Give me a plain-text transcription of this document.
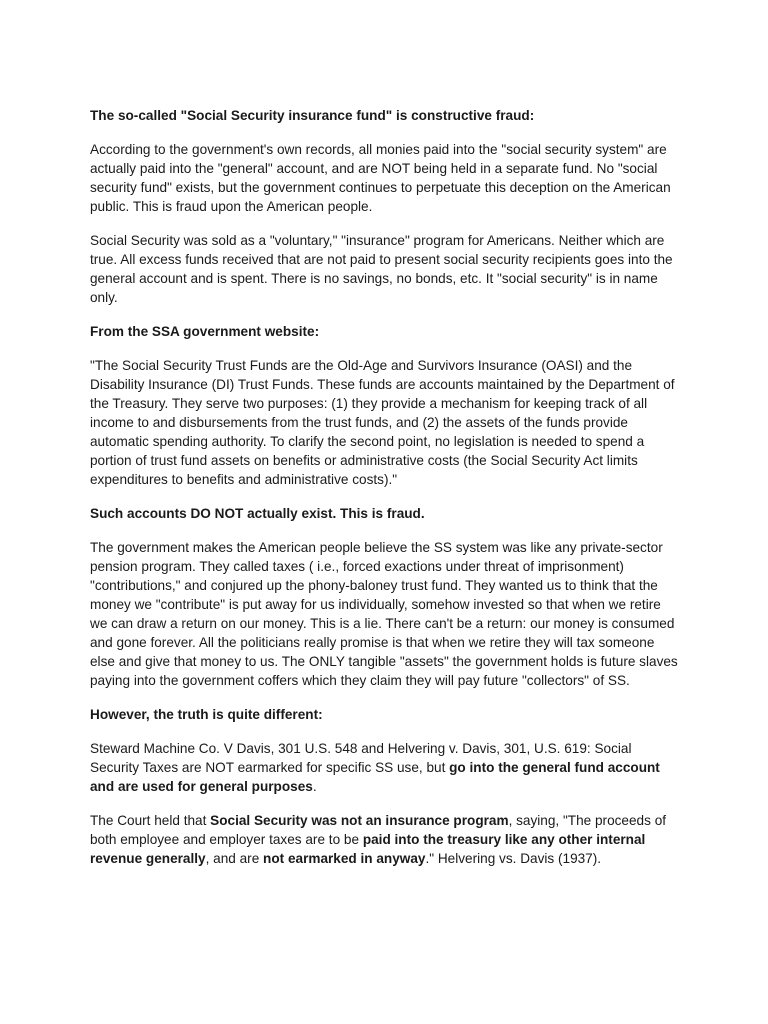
The so-called "Social Security insurance fund" is constructive fraud:

According to the government's own records, all monies paid into the "social security system" are actually paid into the "general" account, and are NOT being held in a separate fund. No "social security fund" exists, but the government continues to perpetuate this deception on the American public. This is fraud upon the American people.

Social Security was sold as a "voluntary," "insurance" program for Americans. Neither which are true. All excess funds received that are not paid to present social security recipients goes into the general account and is spent. There is no savings, no bonds, etc. It "social security" is in name only.

From the SSA government website:

"The Social Security Trust Funds are the Old-Age and Survivors Insurance (OASI) and the Disability Insurance (DI) Trust Funds. These funds are accounts maintained by the Department of the Treasury. They serve two purposes: (1) they provide a mechanism for keeping track of all income to and disbursements from the trust funds, and (2) the assets of the funds provide automatic spending authority. To clarify the second point, no legislation is needed to spend a portion of trust fund assets on benefits or administrative costs (the Social Security Act limits expenditures to benefits and administrative costs)."

Such accounts DO NOT actually exist. This is fraud.

The government makes the American people believe the SS system was like any private-sector pension program. They called taxes ( i.e., forced exactions under threat of imprisonment) "contributions," and conjured up the phony-baloney trust fund. They wanted us to think that the money we "contribute" is put away for us individually, somehow invested so that when we retire we can draw a return on our money. This is a lie. There can't be a return: our money is consumed and gone forever. All the politicians really promise is that when we retire they will tax someone else and give that money to us. The ONLY tangible "assets" the government holds is future slaves paying into the government coffers which they claim they will pay future "collectors" of SS.

However, the truth is quite different:

Steward Machine Co. V Davis, 301 U.S. 548 and Helvering v. Davis, 301, U.S. 619: Social Security Taxes are NOT earmarked for specific SS use, but go into the general fund account and are used for general purposes.

The Court held that Social Security was not an insurance program, saying, "The proceeds of both employee and employer taxes are to be paid into the treasury like any other internal revenue generally, and are not earmarked in anyway." Helvering vs. Davis (1937).
